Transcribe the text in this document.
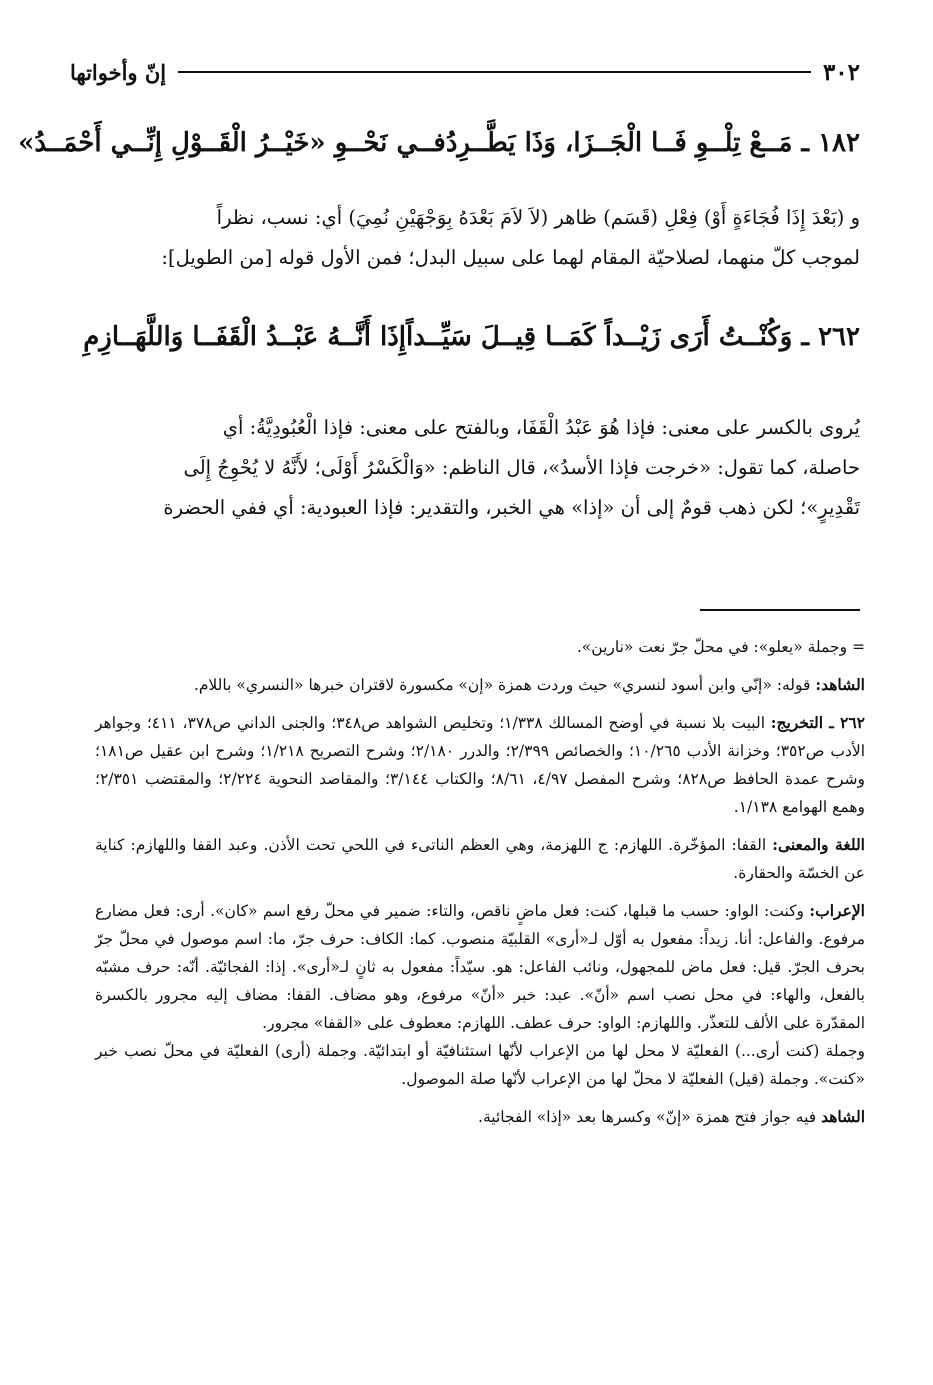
٣٠٢
إنّ وأخواتها
١٨٢ ـ مَــعْ تِلْــوِ فَــا الْجَــزَا، وَذَا يَطَّــرِدُ
فــي نَحْــوِ «خَيْــرُ الْقَــوْلِ إِنِّــي أَحْمَــدُ»

و (بَعْدَ إِذَا فُجَاءَةٍ أَوْ) فِعْلِ (قَسَم) ظاهر (لاَ لاَمَ بَعْدَهُ بِوَجْهَيْنِ نُمِيَ) أي: نسب، نظراً

لموجب كلّ منهما، لصلاحيّة المقام لهما على سبيل البدل؛ فمن الأول قوله [من الطويل]:

٢٦٢ ـ وَكُنْــتُ أَرَى زَيْــداً كَمَــا قِيــلَ سَيِّــداً
إِذَا أَنَّــهُ عَبْــدُ الْقَفَــا وَاللَّهَــازِمِ

يُروى بالكسر على معنى: فإذا هُوَ عَبْدُ الْقَفَا، وبالفتح على معنى: فإذا الْعُبُودِيَّةُ: أي

حاصلة، كما تقول: «خرجت فإذا الأسدُ»، قال الناظم: «وَالْكَسْرُ أَوْلَى؛ لأَنَّهُ لا يُحْوِجُ إِلَى

تَقْدِيرٍ»؛ لكن ذهب قومٌ إلى أن «إذا» هي الخبر، والتقدير: فإذا العبودية: أي ففي الحضرة

= وجملة «يعلو»: في محلّ جرّ نعت «نارين».

الشاهد: قوله: «إنّي وابن أسود لنسري» حيث وردت همزة «إن» مكسورة لاقتران خبرها «النسري» باللام.

٢٦٢ ـ التخريج: البيت بلا نسبة في أوضح المسالك ١/٣٣٨؛ وتخليص الشواهد ص٣٤٨؛ والجنى الداني ص٣٧٨، ٤١١؛ وجواهر الأدب ص٣٥٢؛ وخزانة الأدب ١٠/٢٦٥؛ والخصائص ٢/٣٩٩؛ والدرر ٢/١٨٠؛ وشرح التصريح ١/٢١٨؛ وشرح ابن عقيل ص١٨١؛ وشرح عمدة الحافظ ص٨٢٨؛ وشرح المفصل ٤/٩٧، ٨/٦١؛ والكتاب ٣/١٤٤؛ والمقاصد النحوية ٢/٢٢٤؛ والمقتضب ٢/٣٥١؛ وهمع الهوامع ١/١٣٨.

اللغة والمعنى: القفا: المؤخّرة. اللهازم: ج اللهزمة، وهي العظم الناتىء في اللحي تحت الأذن. وعبد القفا واللهازم: كناية عن الخسّة والحقارة.

الإعراب: وكنت: الواو: حسب ما قبلها، كنت: فعل ماضٍ ناقص، والتاء: ضمير في محلّ رفع اسم «كان». أرى: فعل مضارع مرفوع. والفاعل: أنا. زيداً: مفعول به أوّل لـ«أرى» القلبيّة منصوب. كما: الكاف: حرف جرّ، ما: اسم موصول في محلّ جرّ بحرف الجرّ. قيل: فعل ماض للمجهول، ونائب الفاعل: هو. سيّداً: مفعول به ثانٍ لـ«أرى». إذا: الفجائيّة. أنّه: حرف مشبّه بالفعل، والهاء: في محل نصب اسم «أنّ». عبد: خبر «أنّ» مرفوع، وهو مضاف. القفا: مضاف إليه مجرور بالكسرة المقدّرة على الألف للتعذّر. واللهازم: الواو: حرف عطف. اللهازم: معطوف على «القفا» مجرور.

وجملة (كنت أرى...) الفعليّة لا محل لها من الإعراب لأنّها استئنافيّة أو ابتدائيّة. وجملة (أرى) الفعليّة في محلّ نصب خبر «كنت». وجملة (قيل) الفعليّة لا محلّ لها من الإعراب لأنّها صلة الموصول.

الشاهد فيه جواز فتح همزة «إنّ» وكسرها بعد «إذا» الفجائية.
